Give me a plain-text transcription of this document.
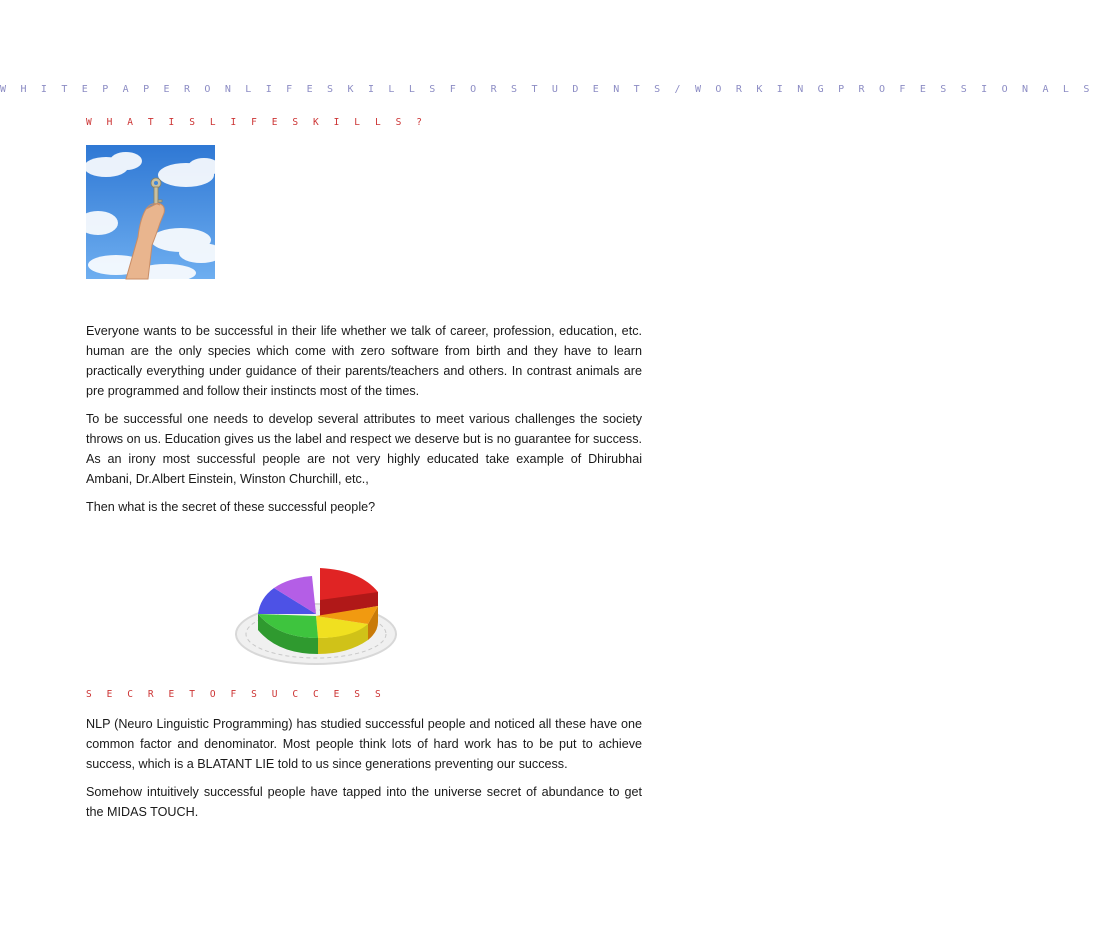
W H I T E P A P E R O N L I F E S K I L L S F O R S T U D E N T S / W O R K I N G P R O F E S S I O N A L S
W H A T I S L I F E S K I L L S ?

Everyone wants to be successful in their life whether we talk of career, profession, education, etc. human are the only species which come with zero software from birth and they have to learn practically everything under guidance of their parents/teachers and others. In contrast animals are pre programmed and follow their instincts most of the times.

To be successful one needs to develop several attributes to meet various challenges the society throws on us. Education gives us the label and respect we deserve but is no guarantee for success. As an irony most successful people are not very highly educated take example of Dhirubhai Ambani, Dr.Albert Einstein, Winston Churchill, etc.,

Then what is the secret of these successful people?

S E C R E T O F S U C C E S S

NLP (Neuro Linguistic Programming) has studied successful people and noticed all these have one common factor and denominator. Most people think lots of hard work has to be put to achieve success, which is a BLATANT LIE told to us since generations preventing our success.

Somehow intuitively successful people have tapped into the universe secret of abundance to get the MIDAS TOUCH.
